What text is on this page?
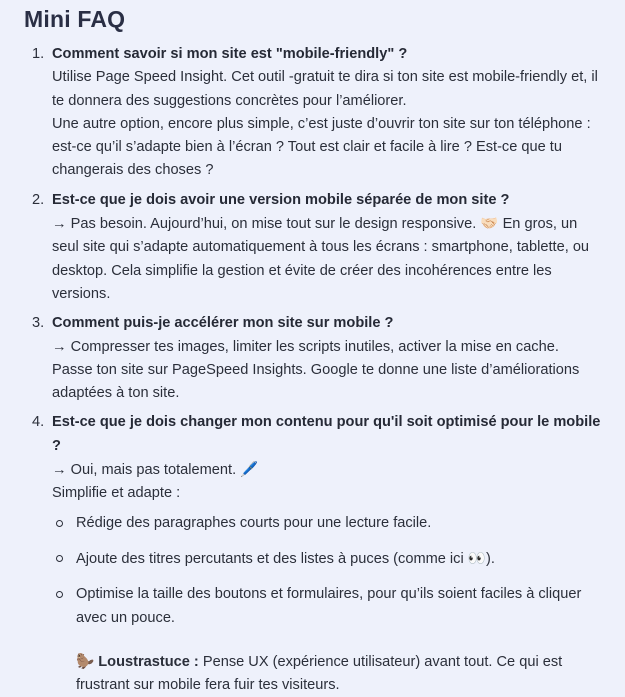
Mini FAQ
Comment savoir si mon site est "mobile-friendly" ?
Utilise Page Speed Insight. Cet outil -gratuit te dira si ton site est mobile-friendly et, il te donnera des suggestions concrètes pour l’améliorer.
Une autre option, encore plus simple, c’est juste d’ouvrir ton site sur ton téléphone : est-ce qu’il s’adapte bien à l’écran ? Tout est clair et facile à lire ? Est-ce que tu changerais des choses ?
Est-ce que je dois avoir une version mobile séparée de mon site ?
→ Pas besoin. Aujourd’hui, on mise tout sur le design responsive. 🤝🏻 En gros, un seul site qui s’adapte automatiquement à tous les écrans : smartphone, tablette, ou desktop. Cela simplifie la gestion et évite de créer des incohérences entre les versions.
Comment puis-je accélérer mon site sur mobile ?
→ Compresser tes images, limiter les scripts inutiles, activer la mise en cache. Passe ton site sur PageSpeed Insights. Google te donne une liste d’améliorations adaptées à ton site.
Est-ce que je dois changer mon contenu pour qu'il soit optimisé pour le mobile ?
→ Oui, mais pas totalement. 🖊️
Simplifie et adapte :
Rédige des paragraphes courts pour une lecture facile.
Ajoute des titres percutants et des listes à puces (comme ici 👀).
Optimise la taille des boutons et formulaires, pour qu’ils soient faciles à cliquer avec un pouce.
🦫 Loustrastuce : Pense UX (expérience utilisateur) avant tout. Ce qui est frustrant sur mobile fera fuir tes visiteurs.
